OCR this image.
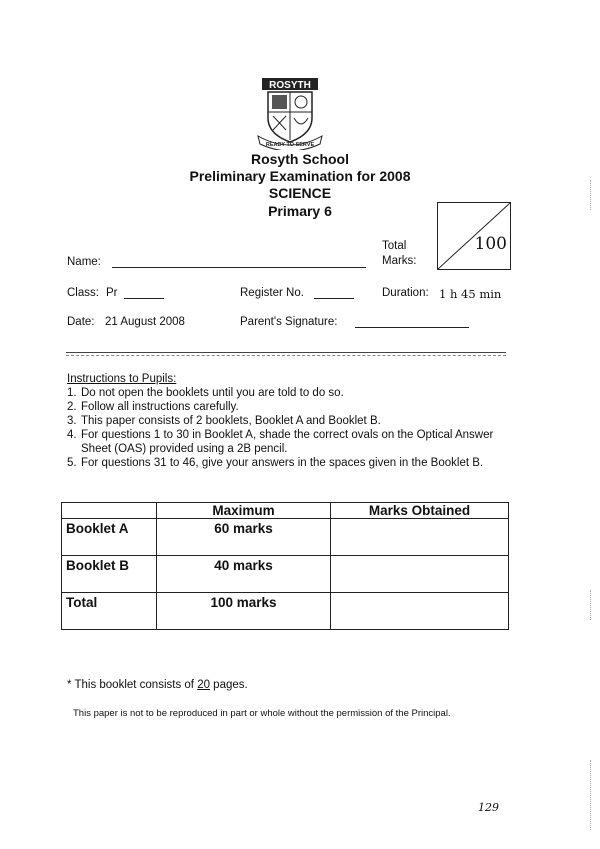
ROSYTH
READY TO SERVE
Rosyth School
Preliminary Examination for 2008
SCIENCE
Primary 6
Total
Marks:
100
Name:
Class: Pr	Register No.	Duration: 1 h 45 min
Date: 21 August 2008	Parent's Signature:
Instructions to Pupils:
1. Do not open the booklets until you are told to do so.
2. Follow all instructions carefully.
3. This paper consists of 2 booklets, Booklet A and Booklet B.
4. For questions 1 to 30 in Booklet A, shade the correct ovals on the Optical Answer Sheet (OAS) provided using a 2B pencil.
5. For questions 31 to 46, give your answers in the spaces given in the Booklet B.
	Maximum	Marks Obtained
Booklet A	60 marks	
Booklet B	40 marks	
Total	100 marks	
* This booklet consists of 20 pages.
This paper is not to be reproduced in part or whole without the permission of the Principal.
129
